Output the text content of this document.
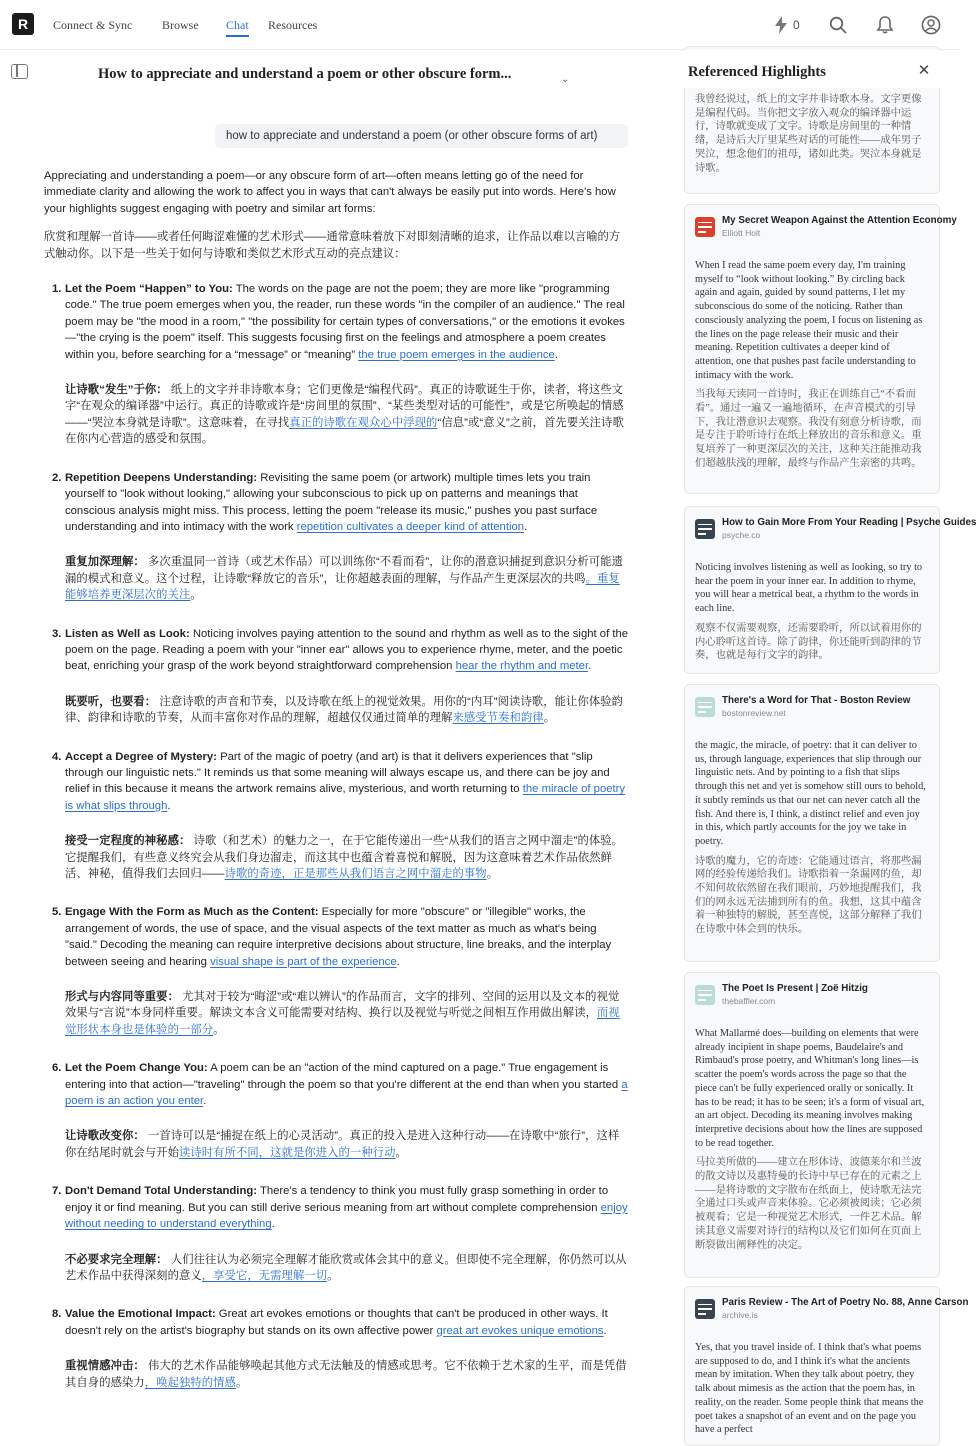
R	Connect & Sync Browse Chat Resources	0
How to appreciate and understand a poem or other obscure form...	⌄
how to appreciate and understand a poem (or other obscure forms of art)

Appreciating and understanding a poem—or any obscure form of art—often means letting go of the need for immediate clarity and allowing the work to affect you in ways that can't always be easily put into words. Here's how your highlights suggest engaging with poetry and similar art forms:

欣赏和理解一首诗——或者任何晦涩难懂的艺术形式——通常意味着放下对即刻清晰的追求，让作品以难以言喻的方式触动你。以下是一些关于如何与诗歌和类似艺术形式互动的亮点建议：

1. Let the Poem “Happen” to You: The words on the page are not the poem; they are more like "programming code." The true poem emerges when you, the reader, run these words "in the compiler of an audience." The real poem may be "the mood in a room," "the possibility for certain types of conversations," or the emotions it evokes—"the crying is the poem" itself. This suggests focusing first on the feelings and atmosphere a poem creates within you, before searching for a “message” or “meaning” the true poem emerges in the audience.

让诗歌“发生”于你： 纸上的文字并非诗歌本身；它们更像是“编程代码”。真正的诗歌诞生于你，读者，将这些文字“在观众的编译器”中运行。真正的诗歌或许是“房间里的氛围”、“某些类型对话的可能性”，或是它所唤起的情感——“哭泣本身就是诗歌”。这意味着，在寻找真正的诗歌在观众心中浮现的“信息”或“意义”之前，首先要关注诗歌在你内心营造的感受和氛围。

2. Repetition Deepens Understanding: Revisiting the same poem (or artwork) multiple times lets you train yourself to "look without looking," allowing your subconscious to pick up on patterns and meanings that conscious analysis might miss. This process, letting the poem "release its music," pushes you past surface understanding and into intimacy with the work repetition cultivates a deeper kind of attention.

重复加深理解： 多次重温同一首诗（或艺术作品）可以训练你“不看而看”，让你的潜意识捕捉到意识分析可能遗漏的模式和意义。这个过程，让诗歌“释放它的音乐”，让你超越表面的理解，与作品产生更深层次的共鸣。重复能够培养更深层次的关注。

3. Listen as Well as Look: Noticing involves paying attention to the sound and rhythm as well as to the sight of the poem on the page. Reading a poem with your "inner ear" allows you to experience rhyme, meter, and the poetic beat, enriching your grasp of the work beyond straightforward comprehension hear the rhythm and meter.

既要听，也要看： 注意诗歌的声音和节奏，以及诗歌在纸上的视觉效果。用你的“内耳”阅读诗歌，能让你体验韵律、韵律和诗歌的节奏，从而丰富你对作品的理解，超越仅仅通过简单的理解来感受节奏和韵律。

4. Accept a Degree of Mystery: Part of the magic of poetry (and art) is that it delivers experiences that "slip through our linguistic nets." It reminds us that some meaning will always escape us, and there can be joy and relief in this because it means the artwork remains alive, mysterious, and worth returning to the miracle of poetry is what slips through.

接受一定程度的神秘感： 诗歌（和艺术）的魅力之一，在于它能传递出一些“从我们的语言之网中溜走”的体验。它提醒我们，有些意义终究会从我们身边溜走，而这其中也蕴含着喜悦和解脱，因为这意味着艺术作品依然鲜活、神秘，值得我们去回归——诗歌的奇迹，正是那些从我们语言之网中溜走的事物。

5. Engage With the Form as Much as the Content: Especially for more "obscure" or "illegible" works, the arrangement of words, the use of space, and the visual aspects of the text matter as much as what's being "said." Decoding the meaning can require interpretive decisions about structure, line breaks, and the interplay between seeing and hearing visual shape is part of the experience.

形式与内容同等重要： 尤其对于较为“晦涩”或“难以辨认”的作品而言，文字的排列、空间的运用以及文本的视觉效果与“言说”本身同样重要。解读文本含义可能需要对结构、换行以及视觉与听觉之间相互作用做出解读，而视觉形状本身也是体验的一部分。

6. Let the Poem Change You: A poem can be an "action of the mind captured on a page." True engagement is entering into that action—"traveling" through the poem so that you're different at the end than when you started a poem is an action you enter.

让诗歌改变你： 一首诗可以是“捕捉在纸上的心灵活动”。真正的投入是进入这种行动——在诗歌中“旅行”，这样你在结尾时就会与开始读诗时有所不同，这就是你进入的一种行动。

7. Don't Demand Total Understanding: There's a tendency to think you must fully grasp something in order to enjoy it or find meaning. But you can still derive serious meaning from art without complete comprehension enjoy without needing to understand everything.

不必要求完全理解： 人们往往认为必须完全理解才能欣赏或体会其中的意义。但即使不完全理解，你仍然可以从艺术作品中获得深刻的意义，享受它，无需理解一切。

8. Value the Emotional Impact: Great art evokes emotions or thoughts that can't be produced in other ways. It doesn't rely on the artist's biography but stands on its own affective power great art evokes unique emotions.

重视情感冲击： 伟大的艺术作品能够唤起其他方式无法触及的情感或思考。它不依赖于艺术家的生平，而是凭借其自身的感染力，唤起独特的情感。

我曾经说过，纸上的文字并非诗歌本身。文字更像是编程代码。当你把文字放入观众的编译器中运行，诗歌就变成了文字。诗歌是房间里的一种情绪，是诗后大厅里某些对话的可能性——成年男子哭泣，想念他们的祖母，诸如此类。哭泣本身就是诗歌。

My Secret Weapon Against the Attention Economy
Elliott Holt

When I read the same poem every day, I'm training myself to “look without looking.” By circling back again and again, guided by sound patterns, I let my subconscious do some of the noticing. Rather than consciously analyzing the poem, I focus on listening as the lines on the page release their music and their meaning. Repetition cultivates a deeper kind of attention, one that pushes past facile understanding to intimacy with the work.

当我每天读同一首诗时，我正在训练自己“不看而看”。通过一遍又一遍地循环，在声音模式的引导下，我让潜意识去观察。我没有刻意分析诗歌，而是专注于聆听诗行在纸上释放出的音乐和意义。重复培养了一种更深层次的关注，这种关注能推动我们超越肤浅的理解，最终与作品产生亲密的共鸣。

How to Gain More From Your Reading | Psyche Guides
psyche.co

Noticing involves listening as well as looking, so try to hear the poem in your inner ear. In addition to rhyme, you will hear a metrical beat, a rhythm to the words in each line.

观察不仅需要观察，还需要聆听，所以试着用你的内心聆听这首诗。除了韵律，你还能听到韵律的节奏，也就是每行文字的韵律。

There's a Word for That - Boston Review
bostonreview.net

the magic, the miracle, of poetry: that it can deliver to us, through language, experiences that slip through our linguistic nets. And by pointing to a fish that slips through this net and yet is somehow still ours to behold, it subtly reminds us that our net can never catch all the fish. And there is, I think, a distinct relief and even joy in this, which partly accounts for the joy we take in poetry.

诗歌的魔力，它的奇迹：它能通过语言，将那些漏网的经验传递给我们。诗歌指着一条漏网的鱼，却不知何故依然留在我们眼前，巧妙地提醒我们，我们的网永远无法捕到所有的鱼。我想，这其中蕴含着一种独特的解脱，甚至喜悦，这部分解释了我们在诗歌中体会到的快乐。

The Poet Is Present | Zoë Hitzig
thebaffler.com

What Mallarmé does—building on elements that were already incipient in shape poems, Baudelaire's and Rimbaud's prose poetry, and Whitman's long lines—is scatter the poem's words across the page so that the piece can't be fully experienced orally or sonically. It has to be read; it has to be seen; it's a form of visual art, an art object. Decoding its meaning involves making interpretive decisions about how the lines are supposed to be read together.

马拉美所做的——建立在形体诗、波德莱尔和兰波的散文诗以及惠特曼的长诗中早已存在的元素之上——是将诗歌的文字散布在纸面上，使诗歌无法完全通过口头或声音来体验。它必须被阅读；它必须被观看；它是一种视觉艺术形式，一件艺术品。解读其意义需要对诗行的结构以及它们如何在页面上断裂做出阐释性的决定。

Paris Review - The Art of Poetry No. 88, Anne Carson
archive.is

Yes, that you travel inside of. I think that's what poems are supposed to do, and I think it's what the ancients mean by imitation. When they talk about poetry, they talk about mimesis as the action that the poem has, in reality, on the reader. Some people think that means the poet takes a snapshot of an event and on the page you have a perfect

Referenced Highlights	✕
